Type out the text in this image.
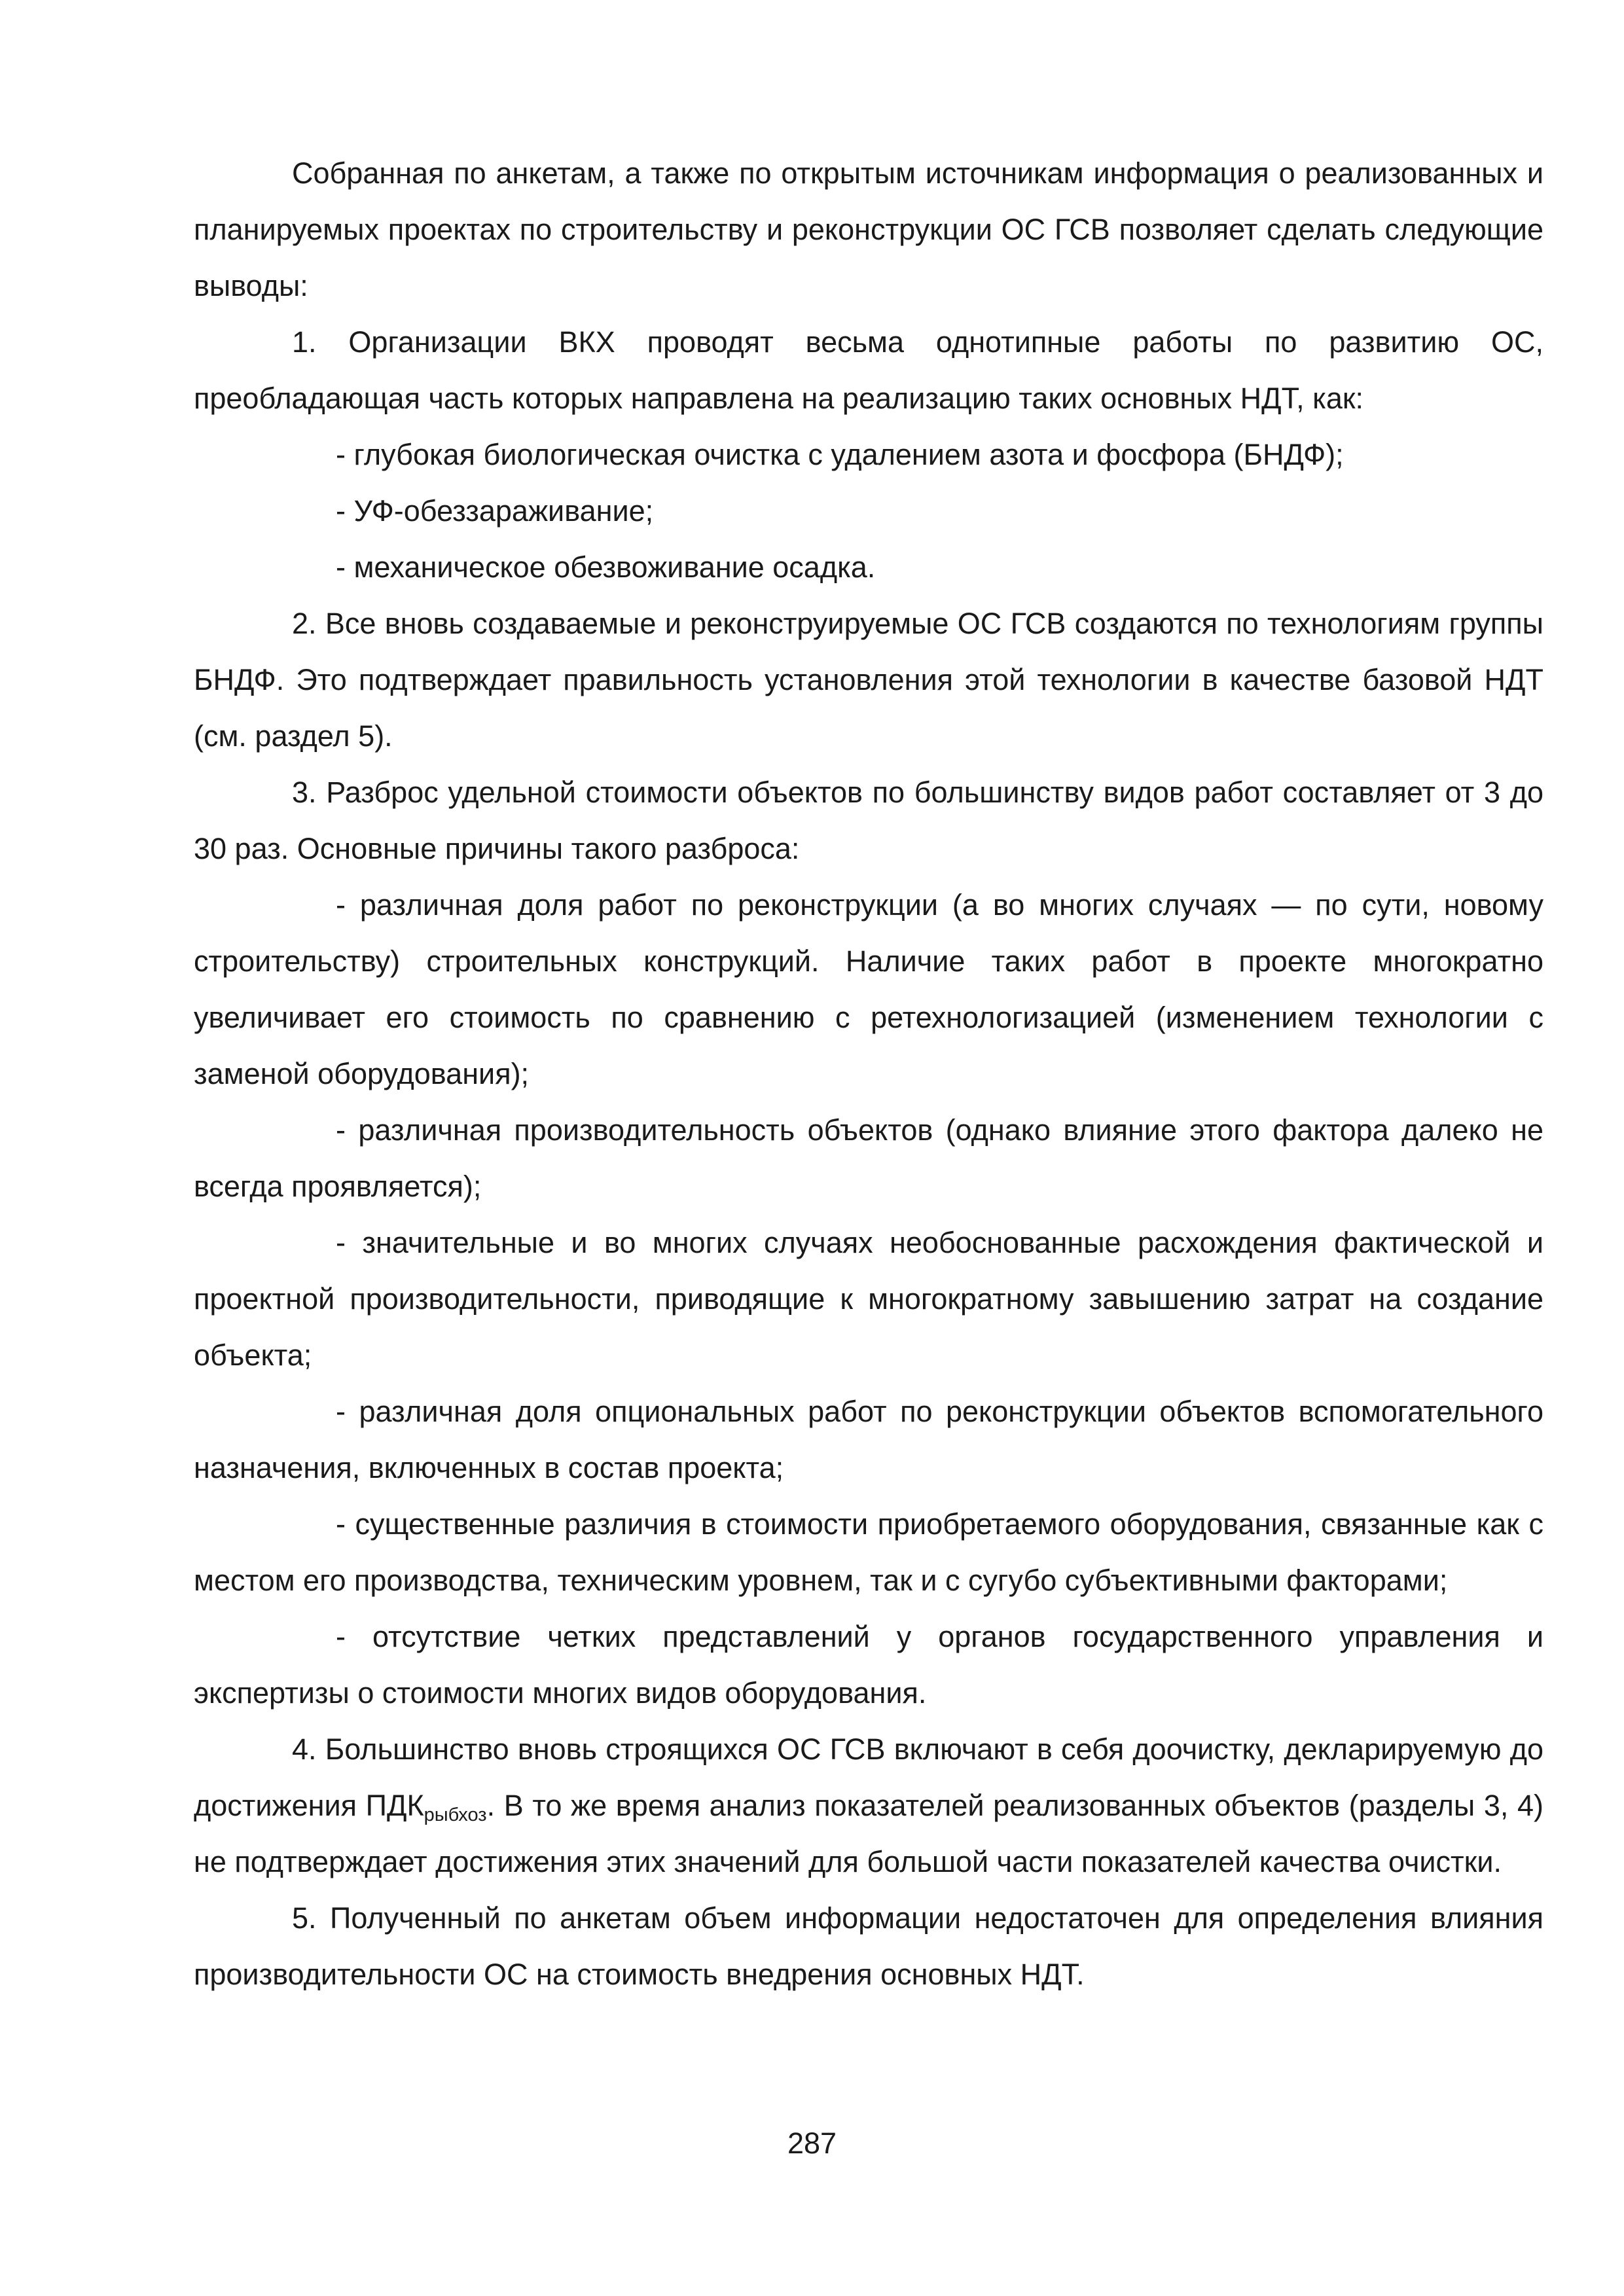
Собранная по анкетам, а также по открытым источникам информация о реализованных и планируемых проектах по строительству и реконструкции ОС ГСВ позволяет сделать следующие выводы:

1. Организации ВКХ проводят весьма однотипные работы по развитию ОС, преобладающая часть которых направлена на реализацию таких основных НДТ, как:

- глубокая биологическая очистка с удалением азота и фосфора (БНДФ);

- УФ-обеззараживание;

- механическое обезвоживание осадка.

2. Все вновь создаваемые и реконструируемые ОС ГСВ создаются по технологиям группы БНДФ. Это подтверждает правильность установления этой технологии в качестве базовой НДТ (см. раздел 5).

3. Разброс удельной стоимости объектов по большинству видов работ составляет от 3 до 30 раз. Основные причины такого разброса:

- различная доля работ по реконструкции (а во многих случаях — по сути, новому строительству) строительных конструкций. Наличие таких работ в проекте многократно увеличивает его стоимость по сравнению с ретехнологизацией (изменением технологии с заменой оборудования);

- различная производительность объектов (однако влияние этого фактора далеко не всегда проявляется);

- значительные и во многих случаях необоснованные расхождения фактической и проектной производительности, приводящие к многократному завышению затрат на создание объекта;

- различная доля опциональных работ по реконструкции объектов вспомогательного назначения, включенных в состав проекта;

- существенные различия в стоимости приобретаемого оборудования, связанные как с местом его производства, техническим уровнем, так и с сугубо субъективными факторами;

- отсутствие четких представлений у органов государственного управления и экспертизы о стоимости многих видов оборудования.

4. Большинство вновь строящихся ОС ГСВ включают в себя доочистку, декларируемую до достижения $ПДК_{рыбхоз}$. В то же время анализ показателей реализованных объектов (разделы 3, 4) не подтверждает достижения этих значений для большой части показателей качества очистки.

5. Полученный по анкетам объем информации недостаточен для определения влияния производительности ОС на стоимость внедрения основных НДТ.

287
